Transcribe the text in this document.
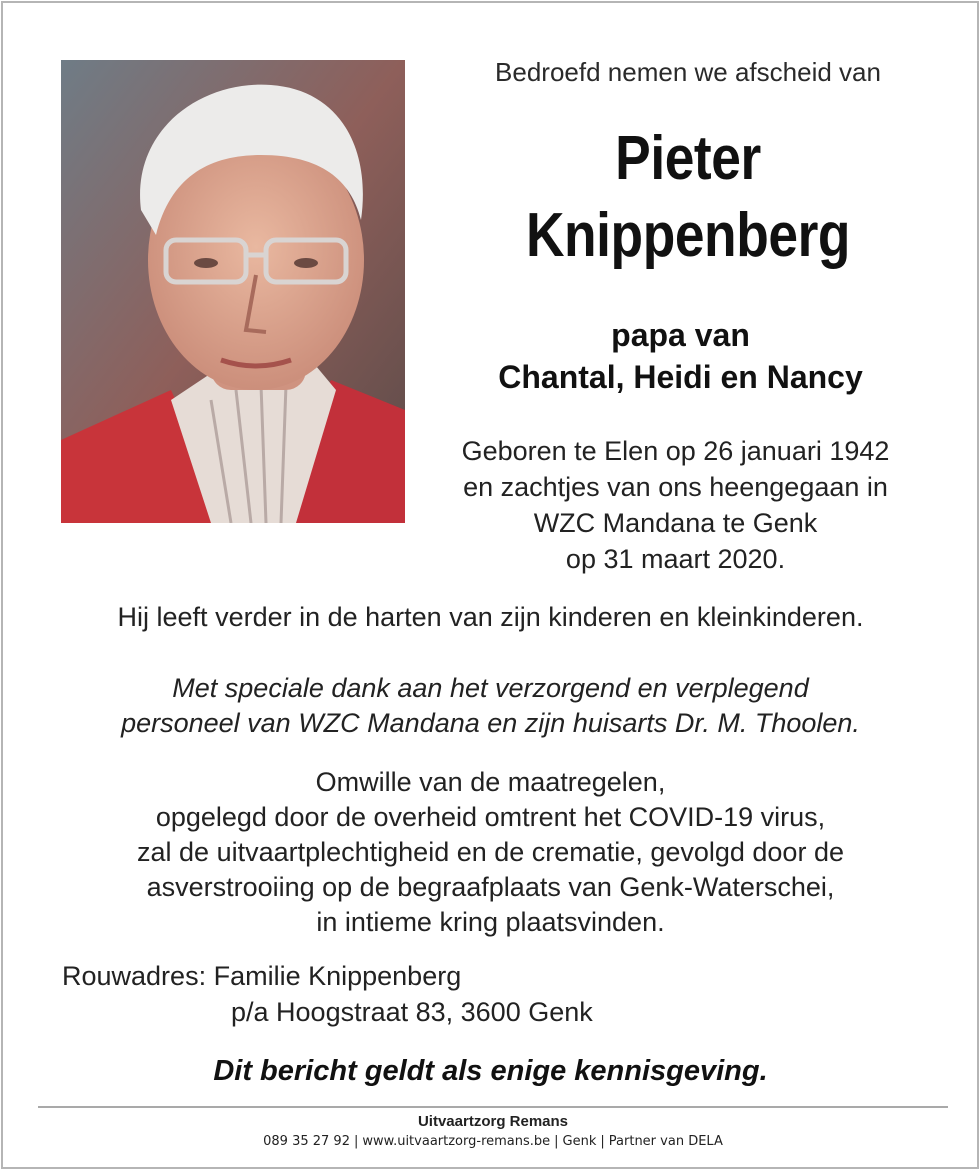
Bedroefd nemen we afscheid van
Pieter
Knippenberg
papa van
Chantal, Heidi en Nancy
Geboren te Elen op 26 januari 1942
en zachtjes van ons heengegaan in
WZC Mandana te Genk
op 31 maart 2020.
Hij leeft verder in de harten van zijn kinderen en kleinkinderen.
Met speciale dank aan het verzorgend en verplegend
personeel van WZC Mandana en zijn huisarts Dr. M. Thoolen.
Omwille van de maatregelen,
opgelegd door de overheid omtrent het COVID-19 virus,
zal de uitvaartplechtigheid en de crematie, gevolgd door de
asverstrooiing op de begraafplaats van Genk-Waterschei,
in intieme kring plaatsvinden.
Rouwadres: Familie Knippenberg
p/a Hoogstraat 83, 3600 Genk
Dit bericht geldt als enige kennisgeving.
Uitvaartzorg Remans
089 35 27 92 | www.uitvaartzorg-remans.be | Genk | Partner van DELA
